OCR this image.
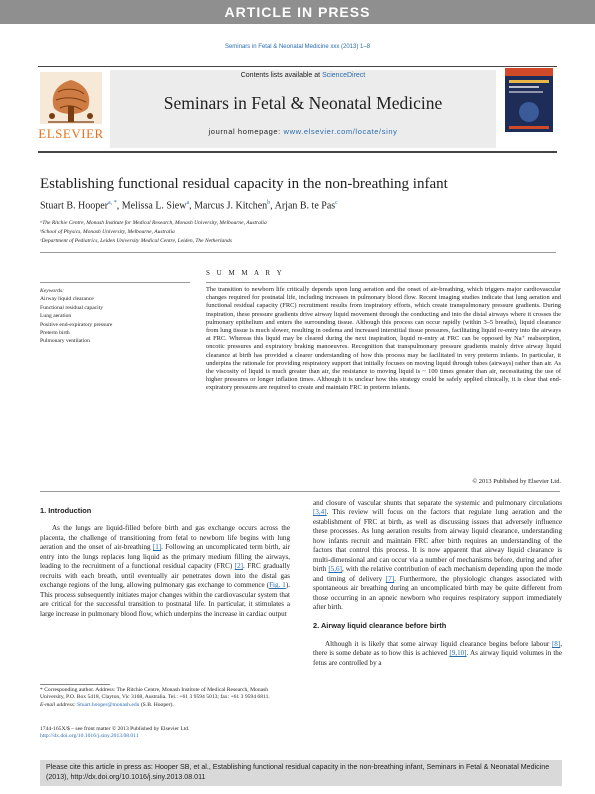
ARTICLE IN PRESS
Seminars in Fetal & Neonatal Medicine xxx (2013) 1–8
ELSEVIER
Contents lists available at ScienceDirect
Seminars in Fetal & Neonatal Medicine
journal homepage: www.elsevier.com/locate/siny
Establishing functional residual capacity in the non-breathing infant
Stuart B. Hooper$^{a, *}$, Melissa L. Siew$^a$, Marcus J. Kitchen$^b$, Arjan B. te Pas$^c$
ᵃThe Ritchie Centre, Monash Institute for Medical Research, Monash University, Melbourne, Australia
ᵇSchool of Physics, Monash University, Melbourne, Australia
ᶜDepartment of Pediatrics, Leiden University Medical Centre, Leiden, The Netherlands
S U M M A R Y
Keywords:
Airway liquid clearance
Functional residual capacity
Lung aeration
Positive end-expiratory pressure
Preterm birth
Pulmonary ventilation
The transition to newborn life critically depends upon lung aeration and the onset of air-breathing, which triggers major cardiovascular changes required for postnatal life, including increases in pulmonary blood flow. Recent imaging studies indicate that lung aeration and functional residual capacity (FRC) recruitment results from inspiratory efforts, which create transpulmonary pressure gradients. During inspiration, these pressure gradients drive airway liquid movement through the conducting and into the distal airways where it crosses the pulmonary epithelium and enters the surrounding tissue. Although this process can occur rapidly (within 3–5 breaths), liquid clearance from lung tissue is much slower, resulting in oedema and increased interstitial tissue pressures, facilitating liquid re-entry into the airways at FRC. Whereas this liquid may be cleared during the next inspiration, liquid re-entry at FRC can be opposed by Na⁺ reabsorption, oncotic pressures and expiratory braking manoeuvres. Recognition that transpulmonary pressure gradients mainly drive airway liquid clearance at birth has provided a clearer understanding of how this process may be facilitated in very preterm infants. In particular, it underpins the rationale for providing respiratory support that initially focuses on moving liquid through tubes (airways) rather than air. As the viscosity of liquid is much greater than air, the resistance to moving liquid is ~ 100 times greater than air, necessitating the use of higher pressures or longer inflation times. Although it is unclear how this strategy could be safely applied clinically, it is clear that end-expiratory pressures are required to create and maintain FRC in preterm infants.
© 2013 Published by Elsevier Ltd.

1. Introduction

As the lungs are liquid-filled before birth and gas exchange occurs across the placenta, the challenge of transitioning from fetal to newborn life begins with lung aeration and the onset of air-breathing [1]. Following an uncomplicated term birth, air entry into the lungs replaces lung liquid as the primary medium filling the airways, leading to the recruitment of a functional residual capacity (FRC) [2]. FRC gradually recruits with each breath, until eventually air penetrates down into the distal gas exchange regions of the lung, allowing pulmonary gas exchange to commence (Fig. 1). This process subsequently initiates major changes within the cardiovascular system that are critical for the successful transition to postnatal life. In particular, it stimulates a large increase in pulmonary blood flow, which underpins the increase in cardiac output

and closure of vascular shunts that separate the systemic and pulmonary circulations [3,4]. This review will focus on the factors that regulate lung aeration and the establishment of FRC at birth, as well as discussing issues that adversely influence these processes. As lung aeration results from airway liquid clearance, understanding how infants recruit and maintain FRC after birth requires an understanding of the factors that control this process. It is now apparent that airway liquid clearance is multi-dimensional and can occur via a number of mechanisms before, during and after birth [5,6], with the relative contribution of each mechanism depending upon the mode and timing of delivery [7]. Furthermore, the physiologic changes associated with spontaneous air breathing during an uncomplicated birth may be quite different from those occurring in an apneic newborn who requires respiratory support immediately after birth.

2. Airway liquid clearance before birth

Although it is likely that some airway liquid clearance begins before labour [8], there is some debate as to how this is achieved [9,10]. As airway liquid volumes in the fetus are controlled by a

* Corresponding author. Address: The Ritchie Centre, Monash Institute of Medical Research, Monash University, P.O. Box 5418, Clayton, Vic 3168, Australia. Tel.: +61 3 9594 5013; fax: +61 3 9594 6811.
E-mail address: Stuart.hooper@monash.edu (S.B. Hooper).
1744-165X/$ – see front matter © 2013 Published by Elsevier Ltd.
http://dx.doi.org/10.1016/j.siny.2013.08.011
Please cite this article in press as: Hooper SB, et al., Establishing functional residual capacity in the non-breathing infant, Seminars in Fetal & Neonatal Medicine (2013), http://dx.doi.org/10.1016/j.siny.2013.08.011
